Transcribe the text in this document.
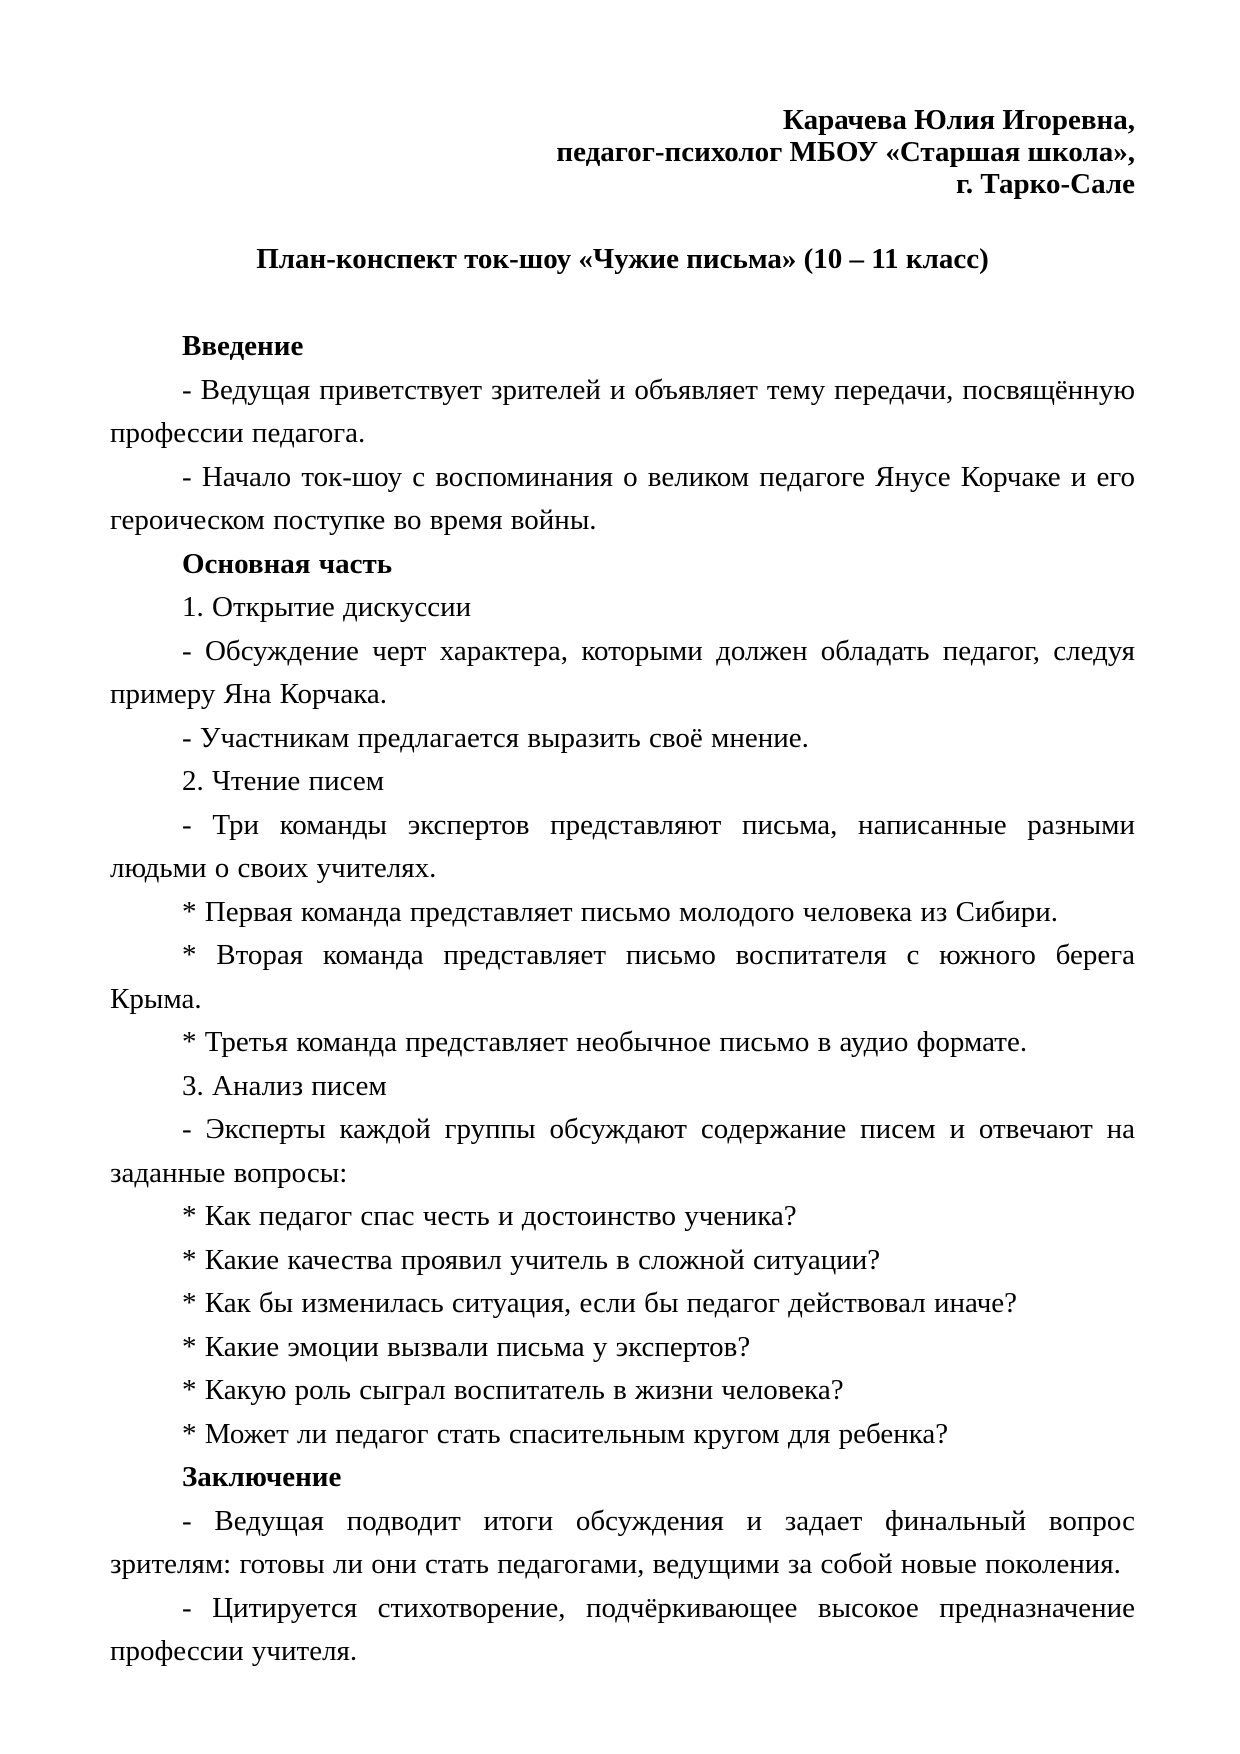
Карачева Юлия Игоревна,
педагог-психолог МБОУ «Старшая школа»,
г. Тарко-Сале

План-конспект ток-шоу «Чужие письма» (10 – 11 класс)

Введение

- Ведущая приветствует зрителей и объявляет тему передачи, посвящённую профессии педагога.

- Начало ток-шоу с воспоминания о великом педагоге Янусе Корчаке и его героическом поступке во время войны.

Основная часть

1. Открытие дискуссии

- Обсуждение черт характера, которыми должен обладать педагог, следуя примеру Яна Корчака.

- Участникам предлагается выразить своё мнение.

2. Чтение писем

- Три команды экспертов представляют письма, написанные разными людьми о своих учителях.

* Первая команда представляет письмо молодого человека из Сибири.

* Вторая команда представляет письмо воспитателя с южного берега Крыма.

* Третья команда представляет необычное письмо в аудио формате.

3. Анализ писем

- Эксперты каждой группы обсуждают содержание писем и отвечают на заданные вопросы:

* Как педагог спас честь и достоинство ученика?

* Какие качества проявил учитель в сложной ситуации?

* Как бы изменилась ситуация, если бы педагог действовал иначе?

* Какие эмоции вызвали письма у экспертов?

* Какую роль сыграл воспитатель в жизни человека?

* Может ли педагог стать спасительным кругом для ребенка?

Заключение

- Ведущая подводит итоги обсуждения и задает финальный вопрос зрителям: готовы ли они стать педагогами, ведущими за собой новые поколения.

- Цитируется стихотворение, подчёркивающее высокое предназначение профессии учителя.
